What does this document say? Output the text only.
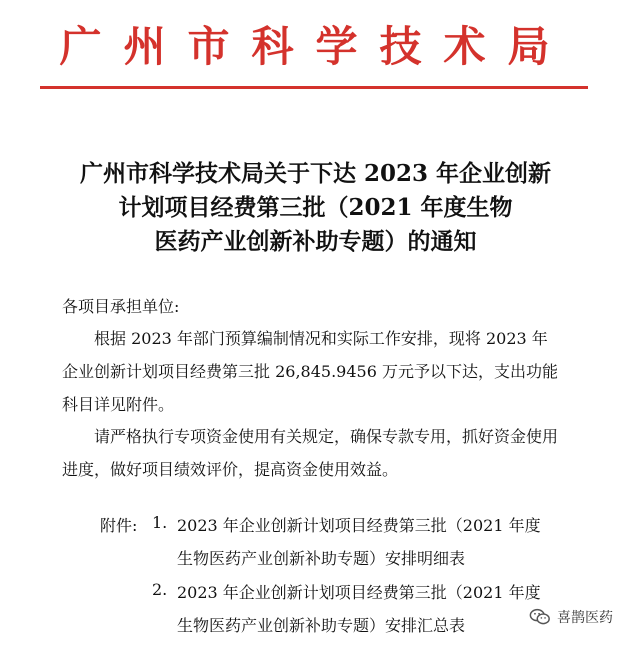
广州市科学技术局
广州市科学技术局关于下达 2023 年企业创新
计划项目经费第三批（2021 年度生物
医药产业创新补助专题）的通知
各项目承担单位:
根据 2023 年部门预算编制情况和实际工作安排，现将 2023 年企业创新计划项目经费第三批 26,845.9456 万元予以下达，支出功能科目详见附件。
请严格执行专项资金使用有关规定，确保专款专用，抓好资金使用进度，做好项目绩效评价，提高资金使用效益。
附件: 1. 2023 年企业创新计划项目经费第三批（2021 年度
生物医药产业创新补助专题）安排明细表
2. 2023 年企业创新计划项目经费第三批（2021 年度
生物医药产业创新补助专题）安排汇总表	喜鹊医药
